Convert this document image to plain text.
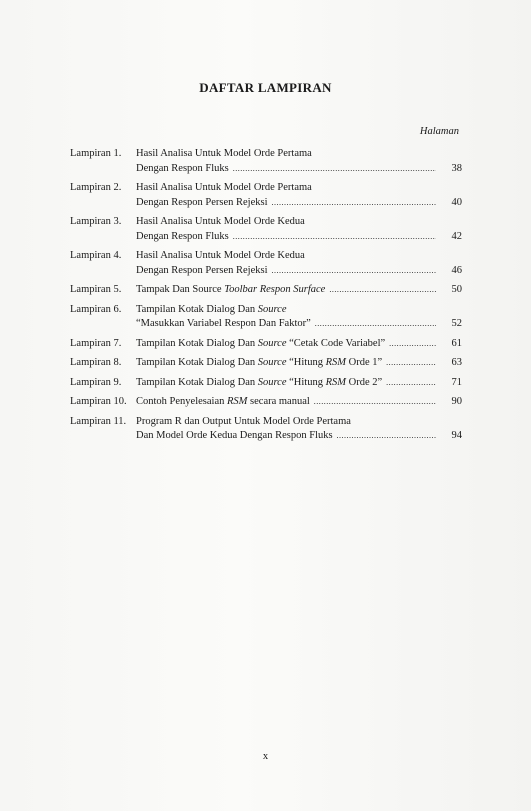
DAFTAR LAMPIRAN
Halaman
Lampiran 1.	Hasil Analisa Untuk Model Orde Pertama
Dengan Respon Fluks .....	38
Lampiran 2.	Hasil Analisa Untuk Model Orde Pertama
Dengan Respon Persen Rejeksi .....	40
Lampiran 3.	Hasil Analisa Untuk Model Orde Kedua
Dengan Respon Fluks .....	42
Lampiran 4.	Hasil Analisa Untuk Model Orde Kedua
Dengan Respon Persen Rejeksi .....	46
Lampiran 5.	Tampak Dan Source Toolbar Respon Surface .....	50
Lampiran 6.	Tampilan Kotak Dialog Dan Source
“Masukkan Variabel Respon Dan Faktor” .....	52
Lampiran 7.	Tampilan Kotak Dialog Dan Source “Cetak Code Variabel” .....	61
Lampiran 8.	Tampilan Kotak Dialog Dan Source “Hitung RSM Orde 1” .....	63
Lampiran 9.	Tampilan Kotak Dialog Dan Source “Hitung RSM Orde 2” .....	71
Lampiran 10. Contoh Penyelesaian RSM secara manual .....	90
Lampiran 11. Program R dan Output Untuk Model Orde Pertama
Dan Model Orde Kedua Dengan Respon Fluks .....	94
x
